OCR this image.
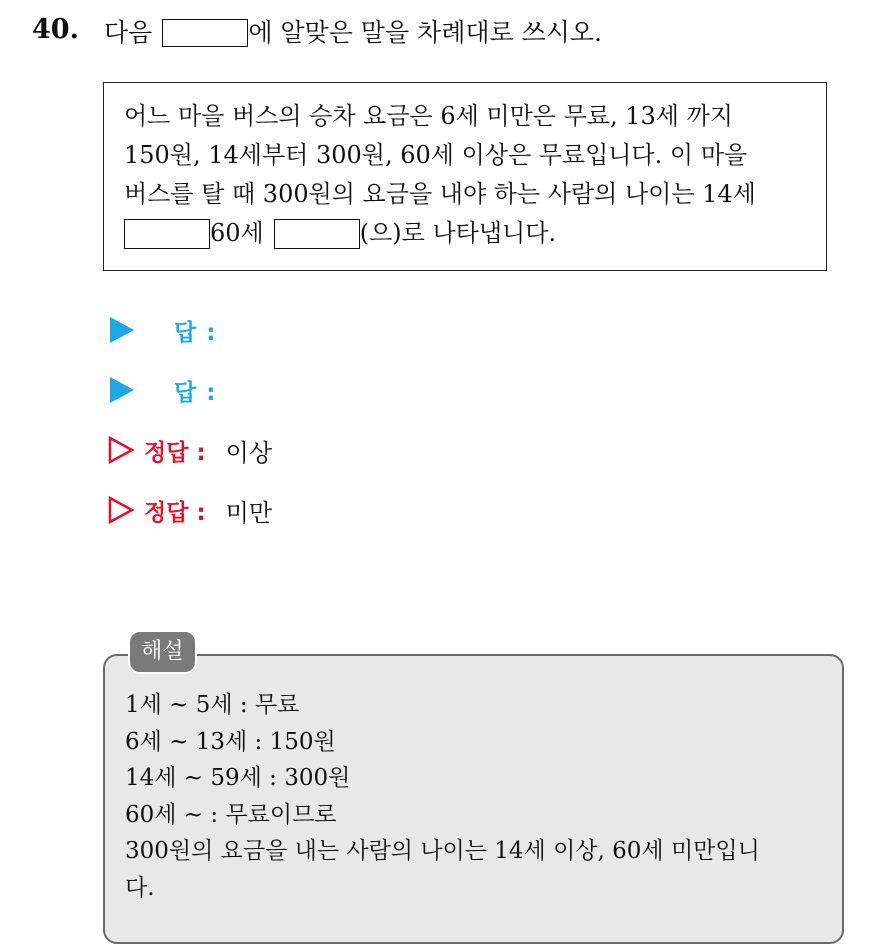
40. 다음	에 알맞은 말을 차례대로 쓰시오.
어느 마을 버스의 승차 요금은 6세 미만은 무료, 13세 까지
150원, 14세부터 300원, 60세 이상은 무료입니다. 이 마을
버스를 탈 때 300원의 요금을 내야 하는 사람의 나이는 14세
60세	(으)로 나타냅니다.
답 :
답 :
정답 : 이상
정답 : 미만
해설
1세 ~ 5세 : 무료
6세 ~ 13세 : 150원
14세 ~ 59세 : 300원
60세 ~ : 무료이므로
300원의 요금을 내는 사람의 나이는 14세 이상, 60세 미만입니
다.
